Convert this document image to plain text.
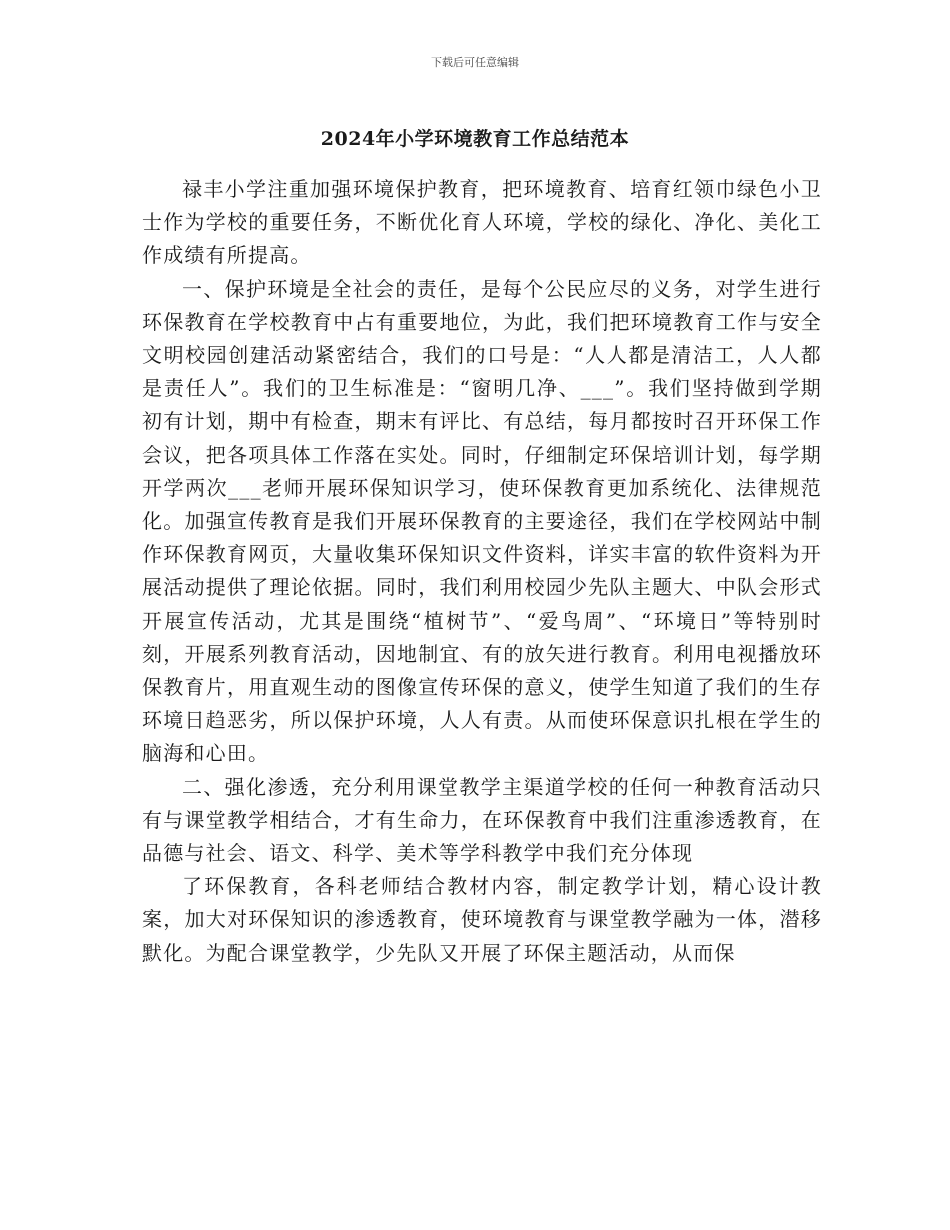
下载后可任意编辑
2024年小学环境教育工作总结范本

禄丰小学注重加强环境保护教育，把环境教育、培育红领巾绿色小卫士作为学校的重要任务，不断优化育人环境，学校的绿化、净化、美化工作成绩有所提高。

一、保护环境是全社会的责任，是每个公民应尽的义务，对学生进行环保教育在学校教育中占有重要地位，为此，我们把环境教育工作与安全文明校园创建活动紧密结合，我们的口号是：“人人都是清洁工，人人都是责任人”。我们的卫生标准是：“窗明几净、___”。我们坚持做到学期初有计划，期中有检查，期末有评比、有总结，每月都按时召开环保工作会议，把各项具体工作落在实处。同时，仔细制定环保培训计划，每学期开学两次___老师开展环保知识学习，使环保教育更加系统化、法律规范化。加强宣传教育是我们开展环保教育的主要途径，我们在学校网站中制作环保教育网页，大量收集环保知识文件资料，详实丰富的软件资料为开展活动提供了理论依据。同时，我们利用校园少先队主题大、中队会形式开展宣传活动，尤其是围绕“植树节”、“爱鸟周”、“环境日”等特别时刻，开展系列教育活动，因地制宜、有的放矢进行教育。利用电视播放环保教育片，用直观生动的图像宣传环保的意义，使学生知道了我们的生存环境日趋恶劣，所以保护环境，人人有责。从而使环保意识扎根在学生的脑海和心田。

二、强化渗透，充分利用课堂教学主渠道学校的任何一种教育活动只有与课堂教学相结合，才有生命力，在环保教育中我们注重渗透教育，在品德与社会、语文、科学、美术等学科教学中我们充分体现

了环保教育，各科老师结合教材内容，制定教学计划，精心设计教案，加大对环保知识的渗透教育，使环境教育与课堂教学融为一体，潜移默化。为配合课堂教学，少先队又开展了环保主题活动，从而保
